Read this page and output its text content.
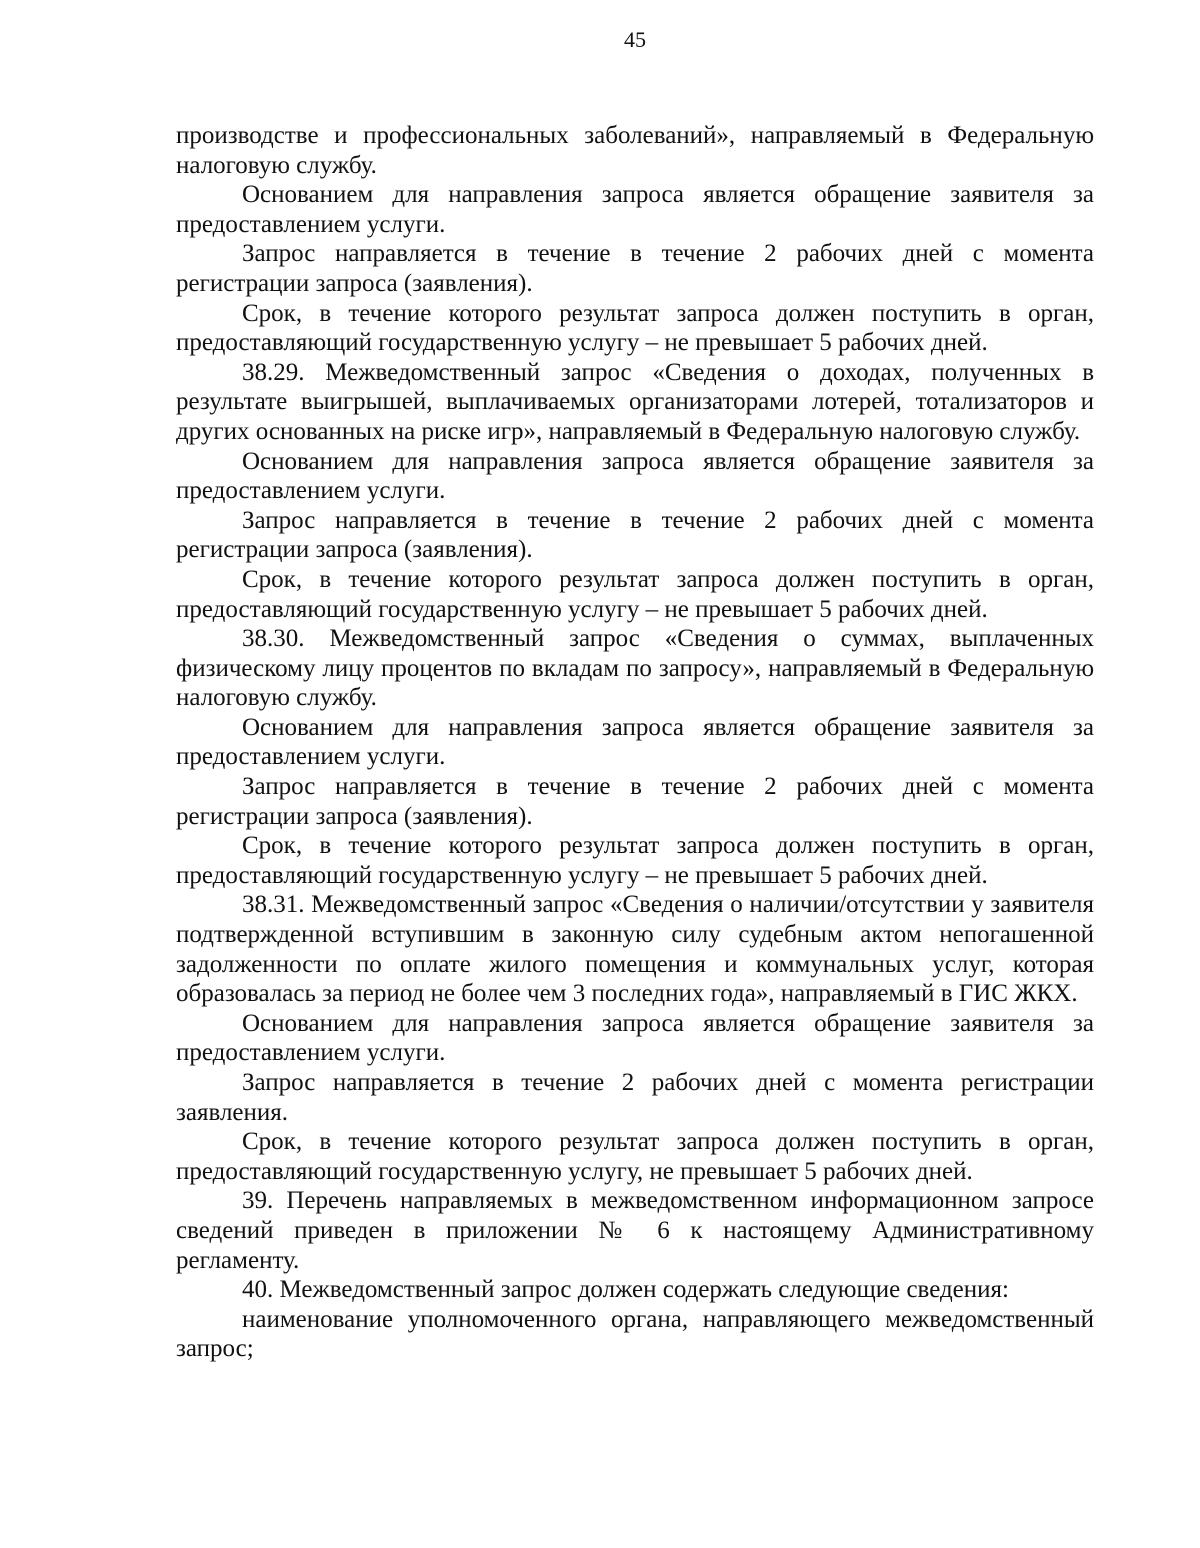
45

производстве и профессиональных заболеваний», направляемый в Федеральную налоговую службу.

Основанием для направления запроса является обращение заявителя за предоставлением услуги.

Запрос направляется в течение в течение 2 рабочих дней с момента регистрации запроса (заявления).

Срок, в течение которого результат запроса должен поступить в орган, предоставляющий государственную услугу – не превышает 5 рабочих дней.

38.29. Межведомственный запрос «Сведения о доходах, полученных в результате выигрышей, выплачиваемых организаторами лотерей, тотализаторов и других основанных на риске игр», направляемый в Федеральную налоговую службу.

Основанием для направления запроса является обращение заявителя за предоставлением услуги.

Запрос направляется в течение в течение 2 рабочих дней с момента регистрации запроса (заявления).

Срок, в течение которого результат запроса должен поступить в орган, предоставляющий государственную услугу – не превышает 5 рабочих дней.

38.30. Межведомственный запрос «Сведения о суммах, выплаченных физическому лицу процентов по вкладам по запросу», направляемый в Федеральную налоговую службу.

Основанием для направления запроса является обращение заявителя за предоставлением услуги.

Запрос направляется в течение в течение 2 рабочих дней с момента регистрации запроса (заявления).

Срок, в течение которого результат запроса должен поступить в орган, предоставляющий государственную услугу – не превышает 5 рабочих дней.

38.31. Межведомственный запрос «Сведения о наличии/отсутствии у заявителя подтвержденной вступившим в законную силу судебным актом непогашенной задолженности по оплате жилого помещения и коммунальных услуг, которая образовалась за период не более чем 3 последних года», направляемый в ГИС ЖКХ.

Основанием для направления запроса является обращение заявителя за предоставлением услуги.

Запрос направляется в течение 2 рабочих дней с момента регистрации заявления.

Срок, в течение которого результат запроса должен поступить в орган, предоставляющий государственную услугу, не превышает 5 рабочих дней.

39. Перечень направляемых в межведомственном информационном запросе сведений приведен в приложении № 6 к настоящему Административному регламенту.

40. Межведомственный запрос должен содержать следующие сведения:

наименование уполномоченного органа, направляющего межведомственный запрос;
